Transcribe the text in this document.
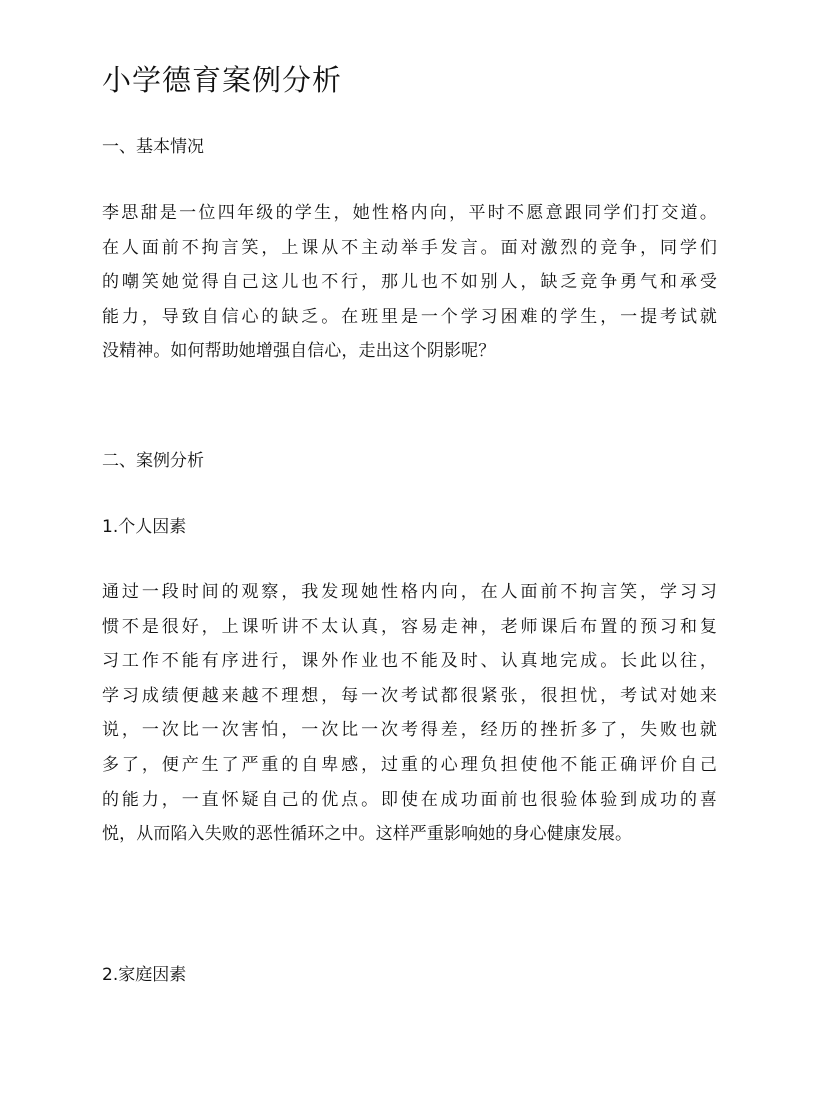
小学德育案例分析
一、基本情况
李思甜是一位四年级的学生，她性格内向，平时不愿意跟同学们打交道。
在人面前不拘言笑，上课从不主动举手发言。面对激烈的竞争，同学们
的嘲笑她觉得自己这儿也不行，那儿也不如别人，缺乏竞争勇气和承受
能力，导致自信心的缺乏。在班里是一个学习困难的学生，一提考试就
没精神。如何帮助她增强自信心，走出这个阴影呢？
二、案例分析
1.个人因素
通过一段时间的观察，我发现她性格内向，在人面前不拘言笑，学习习
惯不是很好，上课听讲不太认真，容易走神，老师课后布置的预习和复
习工作不能有序进行，课外作业也不能及时、认真地完成。长此以往，
学习成绩便越来越不理想，每一次考试都很紧张，很担忧，考试对她来
说，一次比一次害怕，一次比一次考得差，经历的挫折多了，失败也就
多了，便产生了严重的自卑感，过重的心理负担使他不能正确评价自己
的能力，一直怀疑自己的优点。即使在成功面前也很验体验到成功的喜
悦，从而陷入失败的恶性循环之中。这样严重影响她的身心健康发展。
2.家庭因素
